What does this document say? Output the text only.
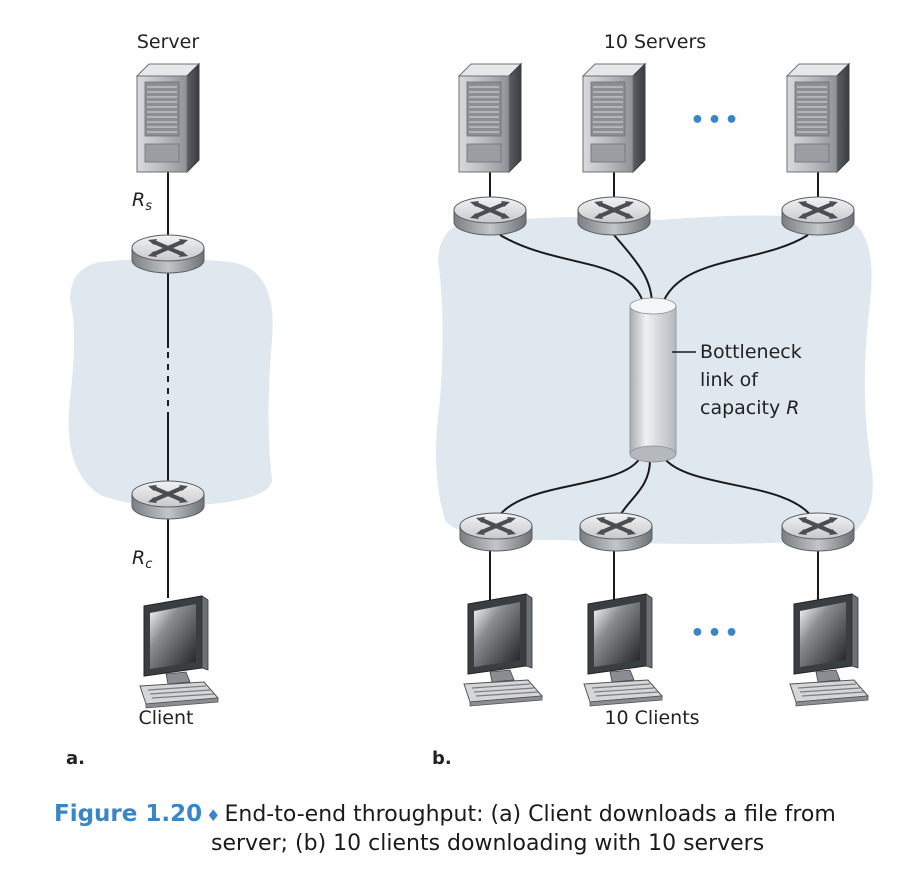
Server
$R_s$
$R_c$
Client
a.
10 Servers
•••
•••
Bottleneck
link of
capacity R
10 Clients
b.
Figure 1.20 ♦ End-to-end throughput: (a) Client downloads a file from
server; (b) 10 clients downloading with 10 servers
